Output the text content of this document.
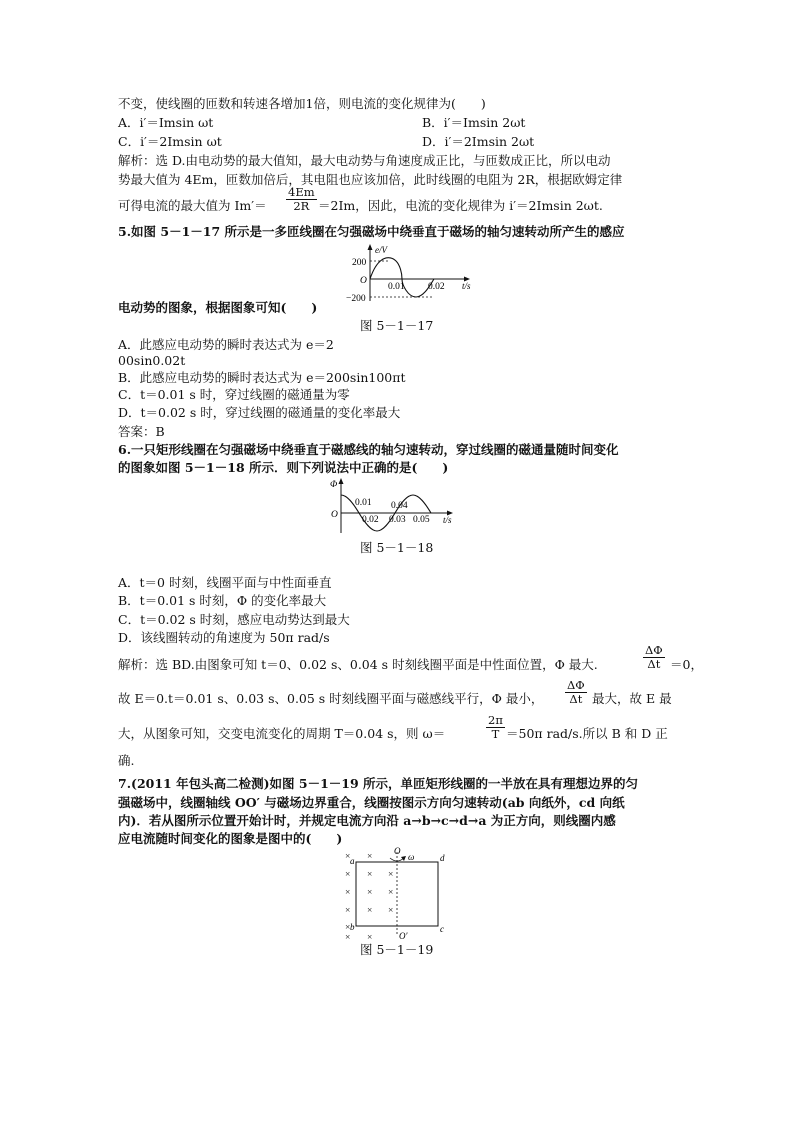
不变，使线圈的匝数和转速各增加1倍，则电流的变化规律为(　　)
A．i′＝Imsin ωt	B．i′＝Imsin 2ωt
C．i′＝2Imsin ωt	D．i′＝2Imsin 2ωt
解析：选 D.由电动势的最大值知，最大电动势与角速度成正比，与匝数成正比，所以电动
势最大值为 4Em，匝数加倍后，其电阻也应该加倍，此时线圈的电阻为 2R，根据欧姆定律
可得电流的最大值为 $Im'= \frac{4Em}{2R} =2Im$，因此，电流的变化规律为 i′＝2Imsin 2ωt.
5.如图 5－1－17 所示是一多匝线圈在匀强磁场中绕垂直于磁场的轴匀速转动所产生的感应
e/V
200
O
−200
0.01 0.02 t/s
电动势的图象，根据图象可知(　　)
图 5－1－17
A．此感应电动势的瞬时表达式为 e＝2
00sin0.02t
B．此感应电动势的瞬时表达式为 e＝200sin100πt
C．t＝0.01 s 时，穿过线圈的磁通量为零
D．t＝0.02 s 时，穿过线圈的磁通量的变化率最大
答案：B
6.一只矩形线圈在匀强磁场中绕垂直于磁感线的轴匀速转动，穿过线圈的磁通量随时间变化
的图象如图 5－1－18 所示．则下列说法中正确的是(　　)
Φ
O
0.01 0.04
0.02 0.03 0.05 t/s
图 5－1－18
A．t＝0 时刻，线圈平面与中性面垂直
B．t＝0.01 s 时刻，Φ 的变化率最大
C．t＝0.02 s 时刻，感应电动势达到最大
D．该线圈转动的角速度为 50π rad/s
解析：选 BD.由图象可知 t＝0、0.02 s、0.04 s 时刻线圈平面是中性面位置，Φ 最大.	$\frac{\Delta\Phi}{\Delta t} =0$，
故 E＝0.t＝0.01 s、0.03 s、0.05 s 时刻线圈平面与磁感线平行，Φ 最小， $\frac{\Delta\Phi}{\Delta t}$ 最大，故 E 最
大，从图象可知，交变电流变化的周期 T＝0.04 s，则 ω＝	$\frac{2\pi}{T} =50\pi$ rad/s.所以 B 和 D 正
确.
7.(2011 年包头高二检测)如图 5－1－19 所示，单匝矩形线圈的一半放在具有理想边界的匀
强磁场中，线圈轴线 OO′ 与磁场边界重合，线圈按图示方向匀速转动(ab 向纸外，cd 向纸
内)．若从图所示位置开始计时，并规定电流方向沿 a→b→c→d→a 为正方向，则线圈内感
应电流随时间变化的图象是图中的(　　)
× ×
× × ×
× × ×
× × ×
×
× ×
O
ω
O′
a
b	c
d
图 5－1－19
